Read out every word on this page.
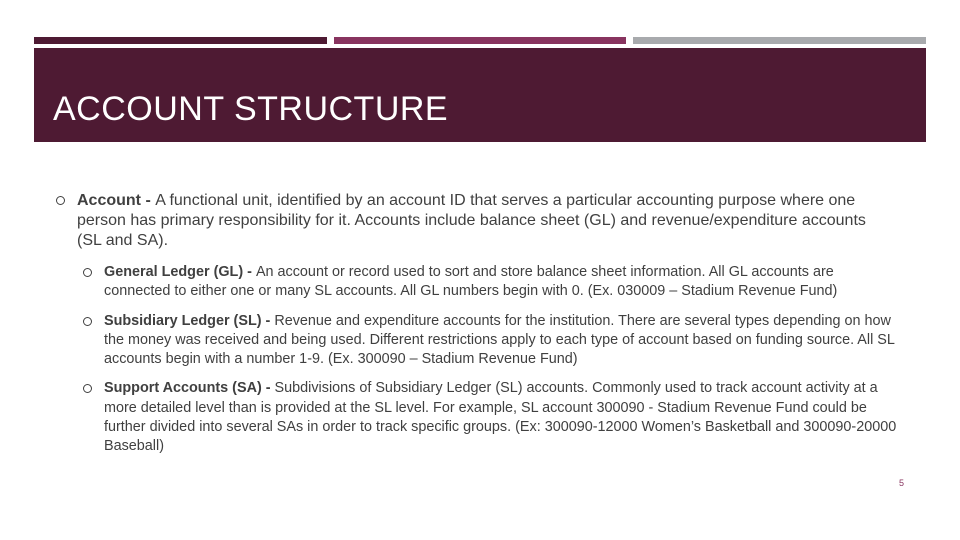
ACCOUNT STRUCTURE
Account - A functional unit, identified by an account ID that serves a particular accounting purpose where one person has primary responsibility for it. Accounts include balance sheet (GL) and revenue/expenditure accounts (SL and SA).
General Ledger (GL) - An account or record used to sort and store balance sheet information. All GL accounts are connected to either one or many SL accounts. All GL numbers begin with 0. (Ex. 030009 – Stadium Revenue Fund)
Subsidiary Ledger (SL) - Revenue and expenditure accounts for the institution. There are several types depending on how the money was received and being used. Different restrictions apply to each type of account based on funding source. All SL accounts begin with a number 1-9. (Ex. 300090 – Stadium Revenue Fund)
Support Accounts (SA) - Subdivisions of Subsidiary Ledger (SL) accounts. Commonly used to track account activity at a more detailed level than is provided at the SL level. For example, SL account 300090 - Stadium Revenue Fund could be further divided into several SAs in order to track specific groups. (Ex: 300090-12000 Women’s Basketball and 300090-20000 Baseball)
5
